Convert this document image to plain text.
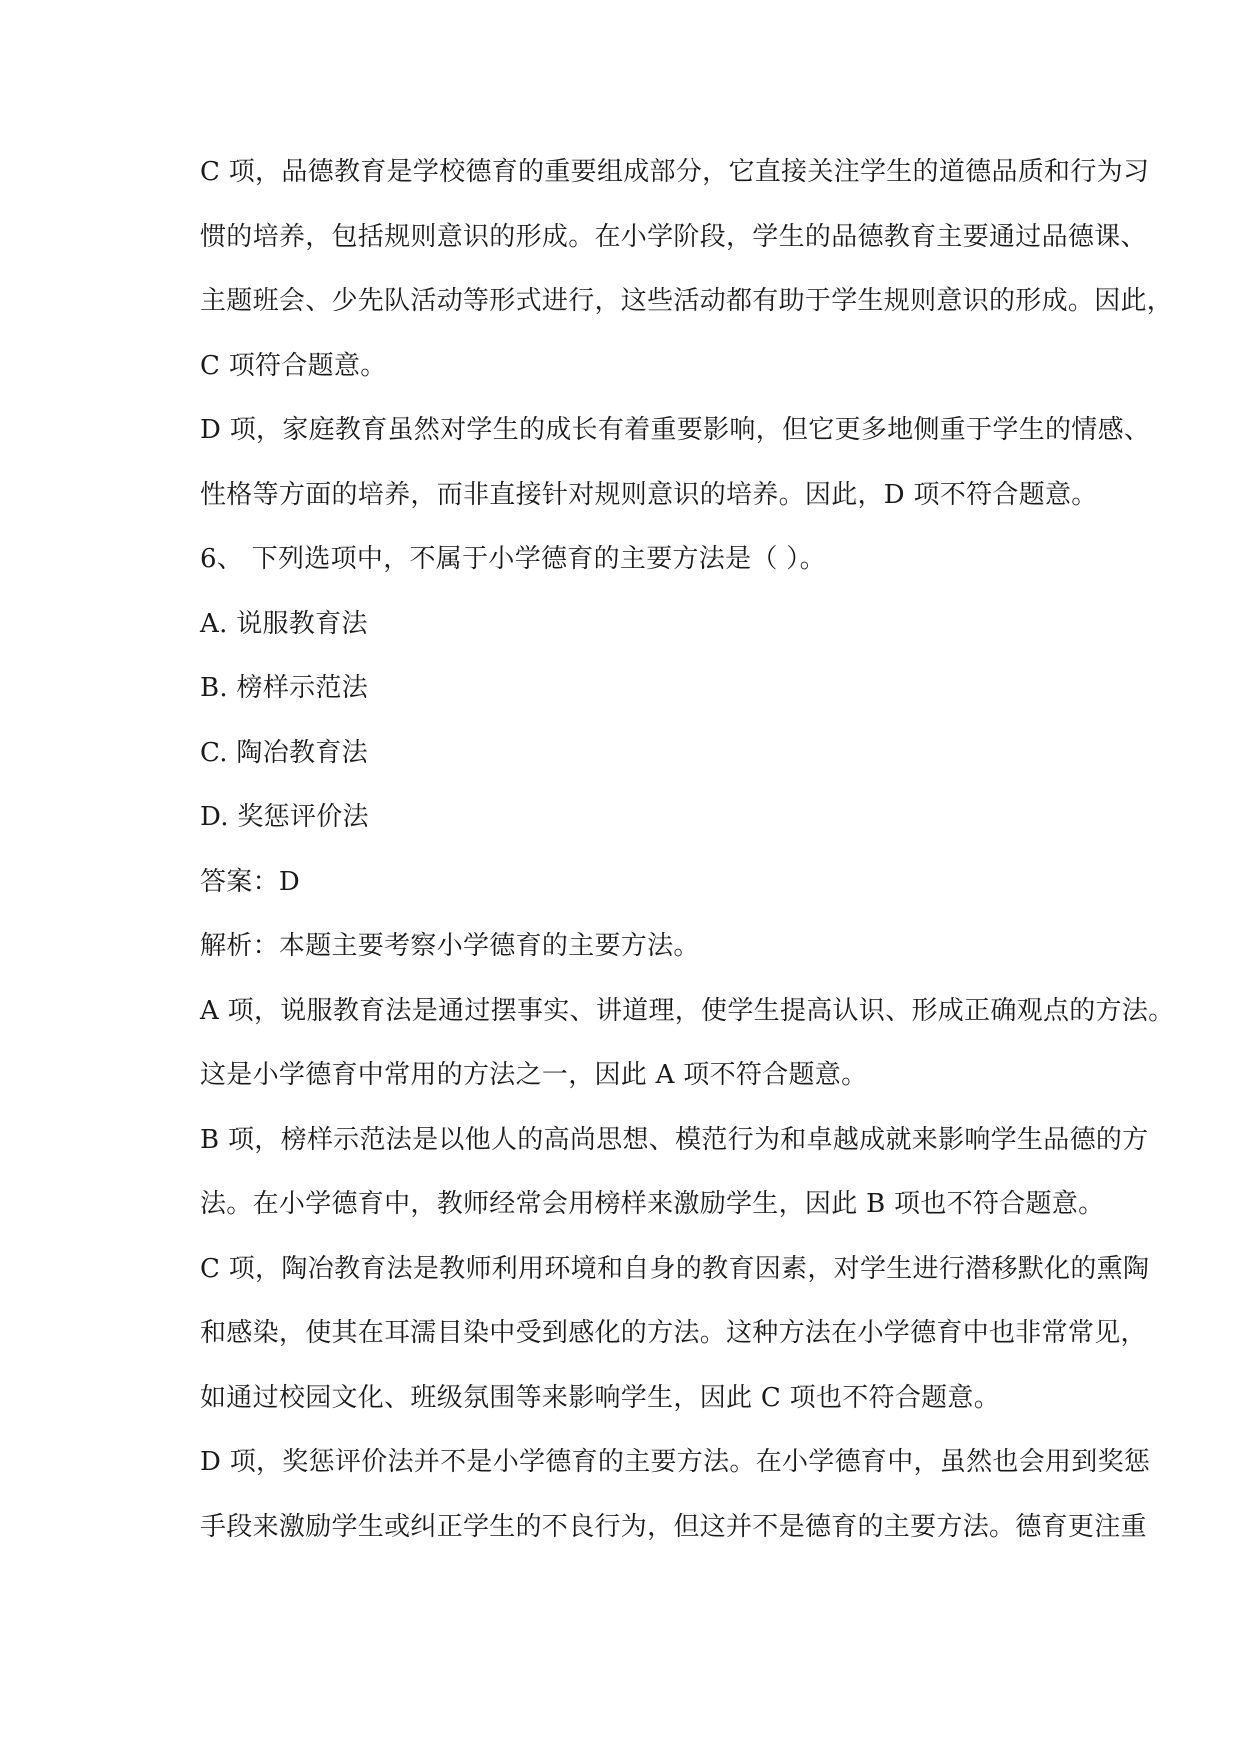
C 项，品德教育是学校德育的重要组成部分，它直接关注学生的道德品质和行为习
惯的培养，包括规则意识的形成。在小学阶段，学生的品德教育主要通过品德课、
主题班会、少先队活动等形式进行，这些活动都有助于学生规则意识的形成。因此，
C 项符合题意。
D 项，家庭教育虽然对学生的成长有着重要影响，但它更多地侧重于学生的情感、
性格等方面的培养，而非直接针对规则意识的培养。因此，D 项不符合题意。
6、 下列选项中，不属于小学德育的主要方法是（ ）。
A. 说服教育法
B. 榜样示范法
C. 陶冶教育法
D. 奖惩评价法
答案：D
解析：本题主要考察小学德育的主要方法。
A 项，说服教育法是通过摆事实、讲道理，使学生提高认识、形成正确观点的方法。
这是小学德育中常用的方法之一，因此 A 项不符合题意。
B 项，榜样示范法是以他人的高尚思想、模范行为和卓越成就来影响学生品德的方
法。在小学德育中，教师经常会用榜样来激励学生，因此 B 项也不符合题意。
C 项，陶冶教育法是教师利用环境和自身的教育因素，对学生进行潜移默化的熏陶
和感染，使其在耳濡目染中受到感化的方法。这种方法在小学德育中也非常常见，
如通过校园文化、班级氛围等来影响学生，因此 C 项也不符合题意。
D 项，奖惩评价法并不是小学德育的主要方法。在小学德育中，虽然也会用到奖惩
手段来激励学生或纠正学生的不良行为，但这并不是德育的主要方法。德育更注重
